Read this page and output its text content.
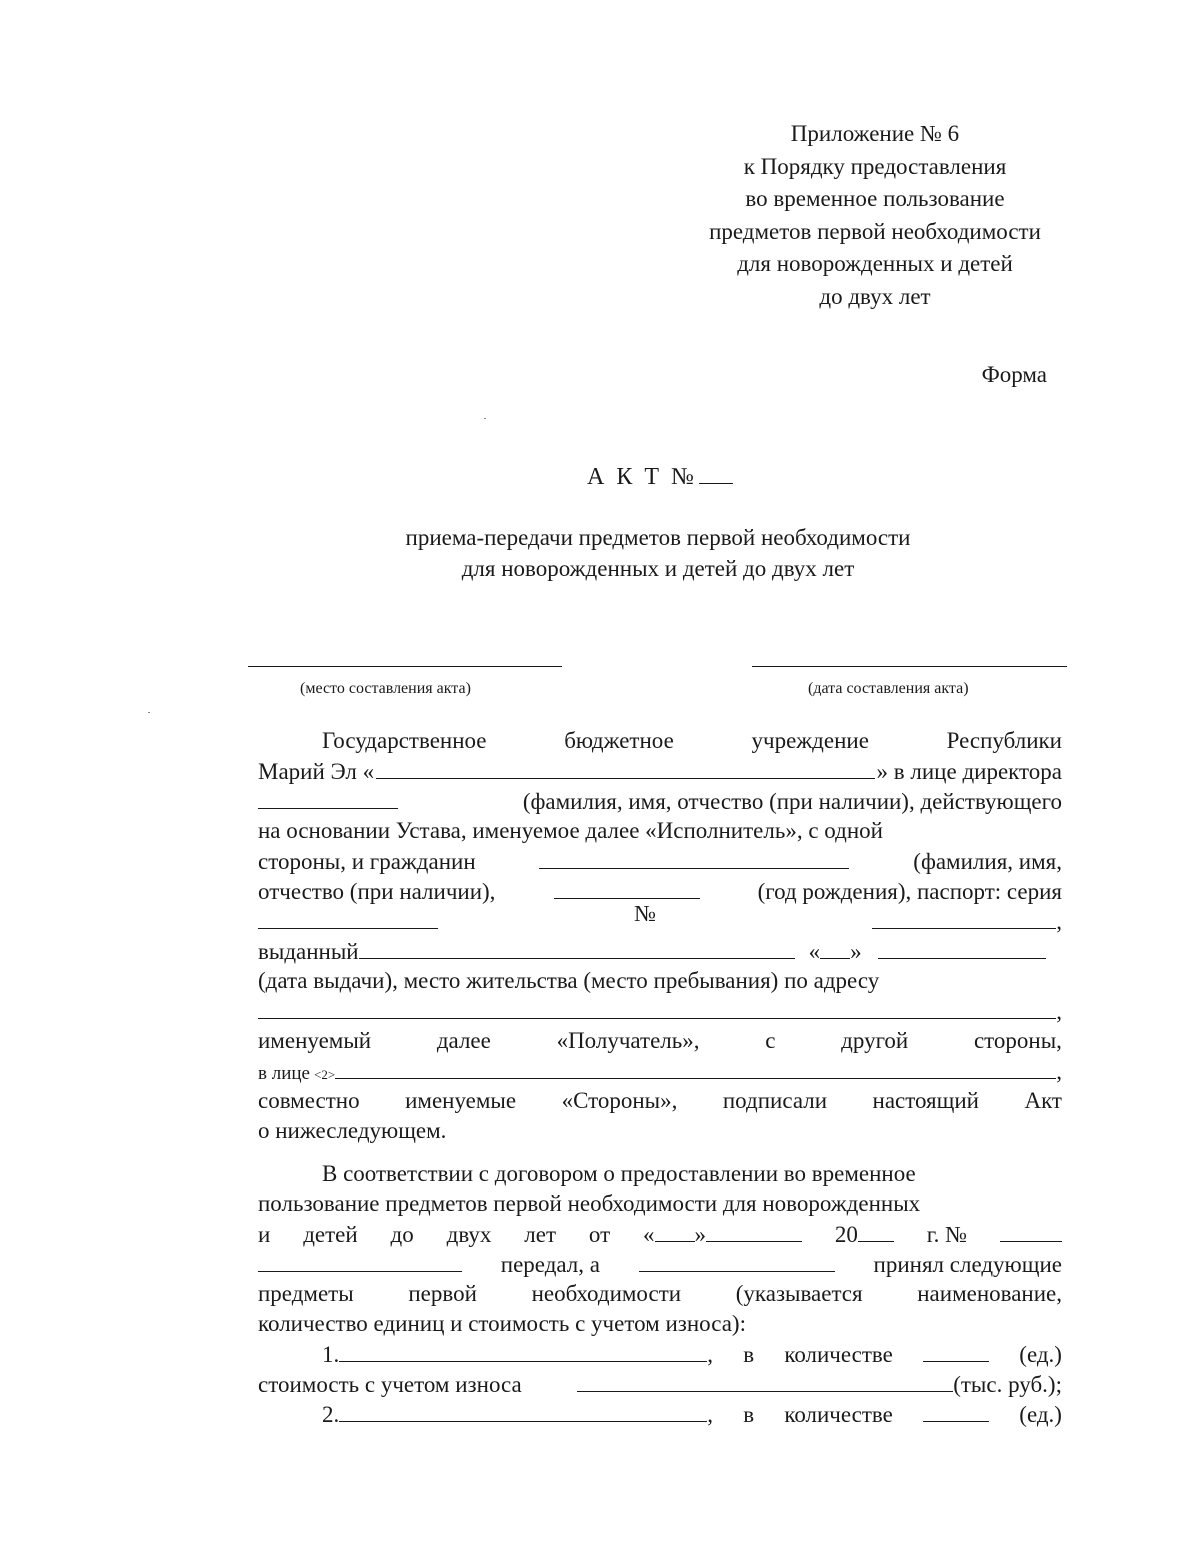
Приложение № 6
к Порядку предоставления
во временное пользование
предметов первой необходимости
для новорожденных и детей
до двух лет
Форма
А К Т №
приема-передачи предметов первой необходимости
для новорожденных и детей до двух лет
(место составления акта)	(дата составления акта)
Государственное	бюджетное	учреждение	Республики
Марий Эл «	» в лице директора
(фамилия, имя, отчество (при наличии), действующего
на основании Устава, именуемое далее «Исполнитель», с одной
стороны, и гражданин	(фамилия, имя,
отчество (при наличии),	(год рождения), паспорт: серия
№	,
выданный	« »
(дата выдачи), место жительства (место пребывания) по адресу
,
именуемый	далее	«Получатель»,	с	другой	стороны,
в лице <2>	,
совместно именуемые «Стороны», подписали настоящий Акт
о нижеследующем.
В соответствии с договором о предоставлении во временное
пользование предметов первой необходимости для новорожденных
и детей до двух лет от « »	20	г. №
передал, а	принял следующие
предметы первой необходимости (указывается наименование,
количество единиц и стоимость с учетом износа):
1.	, в количестве	(ед.)
стоимость с учетом износа	(тыс. руб.);
2.	, в количестве	(ед.)
